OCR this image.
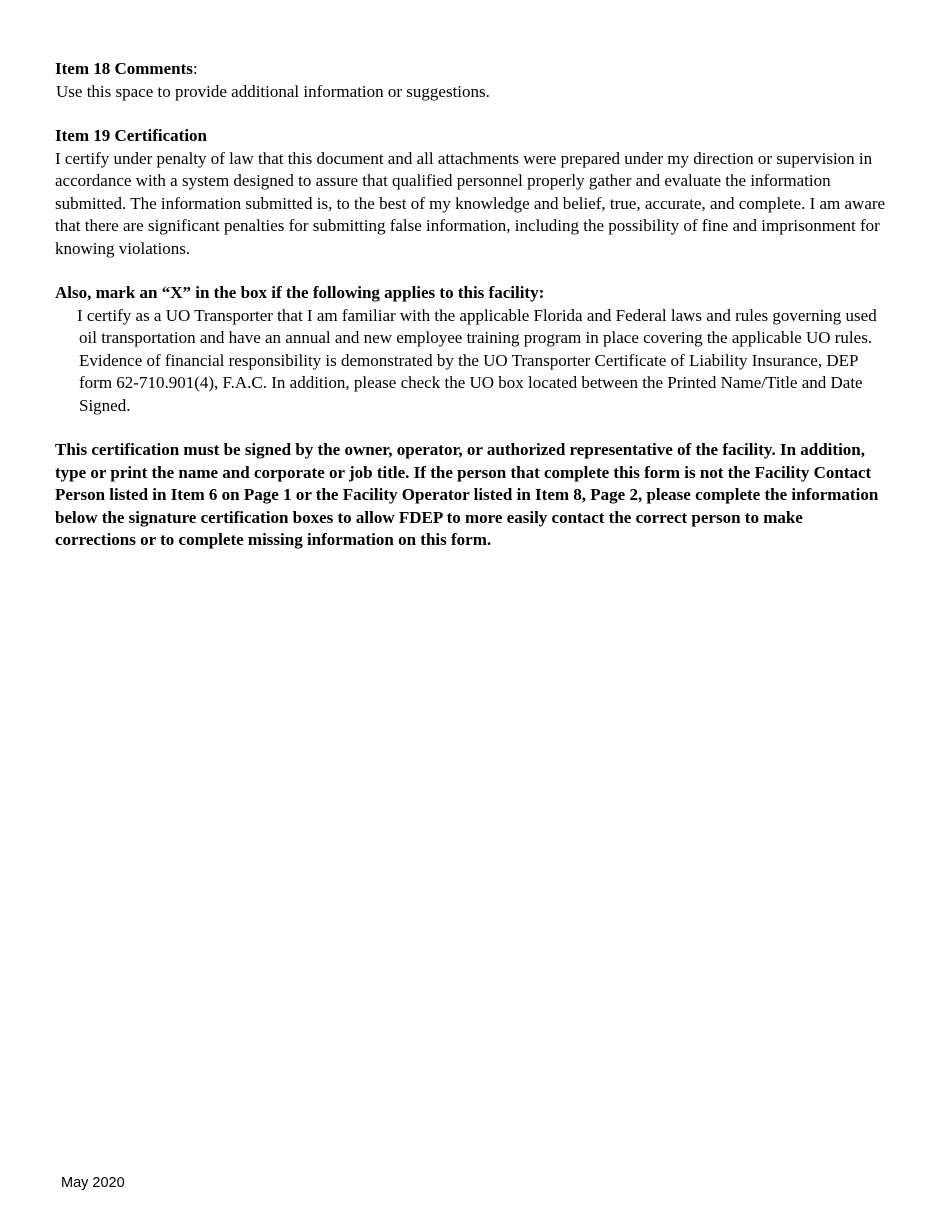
Item 18 Comments:

Use this space to provide additional information or suggestions.

Item 19 Certification

I certify under penalty of law that this document and all attachments were prepared under my direction or supervision in accordance with a system designed to assure that qualified personnel properly gather and evaluate the information submitted. The information submitted is, to the best of my knowledge and belief, true, accurate, and complete. I am aware that there are significant penalties for submitting false information, including the possibility of fine and imprisonment for knowing violations.

Also, mark an “X” in the box if the following applies to this facility:

I certify as a UO Transporter that I am familiar with the applicable Florida and Federal laws and rules governing used oil transportation and have an annual and new employee training program in place covering the applicable UO rules. Evidence of financial responsibility is demonstrated by the UO Transporter Certificate of Liability Insurance, DEP form 62-710.901(4), F.A.C. In addition, please check the UO box located between the Printed Name/Title and Date Signed.

This certification must be signed by the owner, operator, or authorized representative of the facility. In addition, type or print the name and corporate or job title. If the person that complete this form is not the Facility Contact Person listed in Item 6 on Page 1 or the Facility Operator listed in Item 8, Page 2, please complete the information below the signature certification boxes to allow FDEP to more easily contact the correct person to make corrections or to complete missing information on this form.

May 2020
